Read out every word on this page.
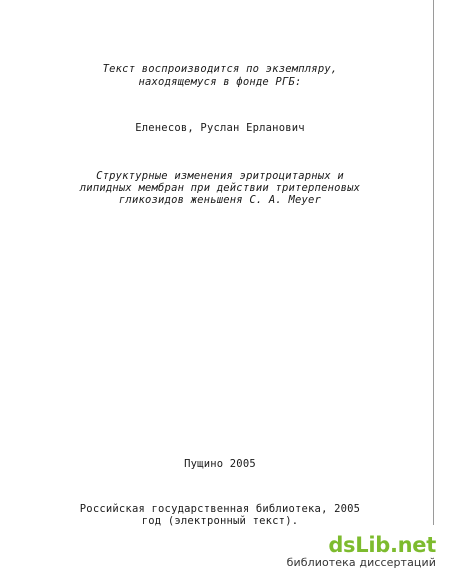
Текст воспроизводится по экземпляру,
находящемуся в фонде РГБ:
Еленесов, Руслан Ерланович
Структурные изменения эритроцитарных и
липидных мембран при действии тритерпеновых
гликозидов женьшеня С. А. Meyer
Пущино 2005
Российская государственная библиотека, 2005
год (электронный текст).
dsLib.net
библиотека диссертаций
